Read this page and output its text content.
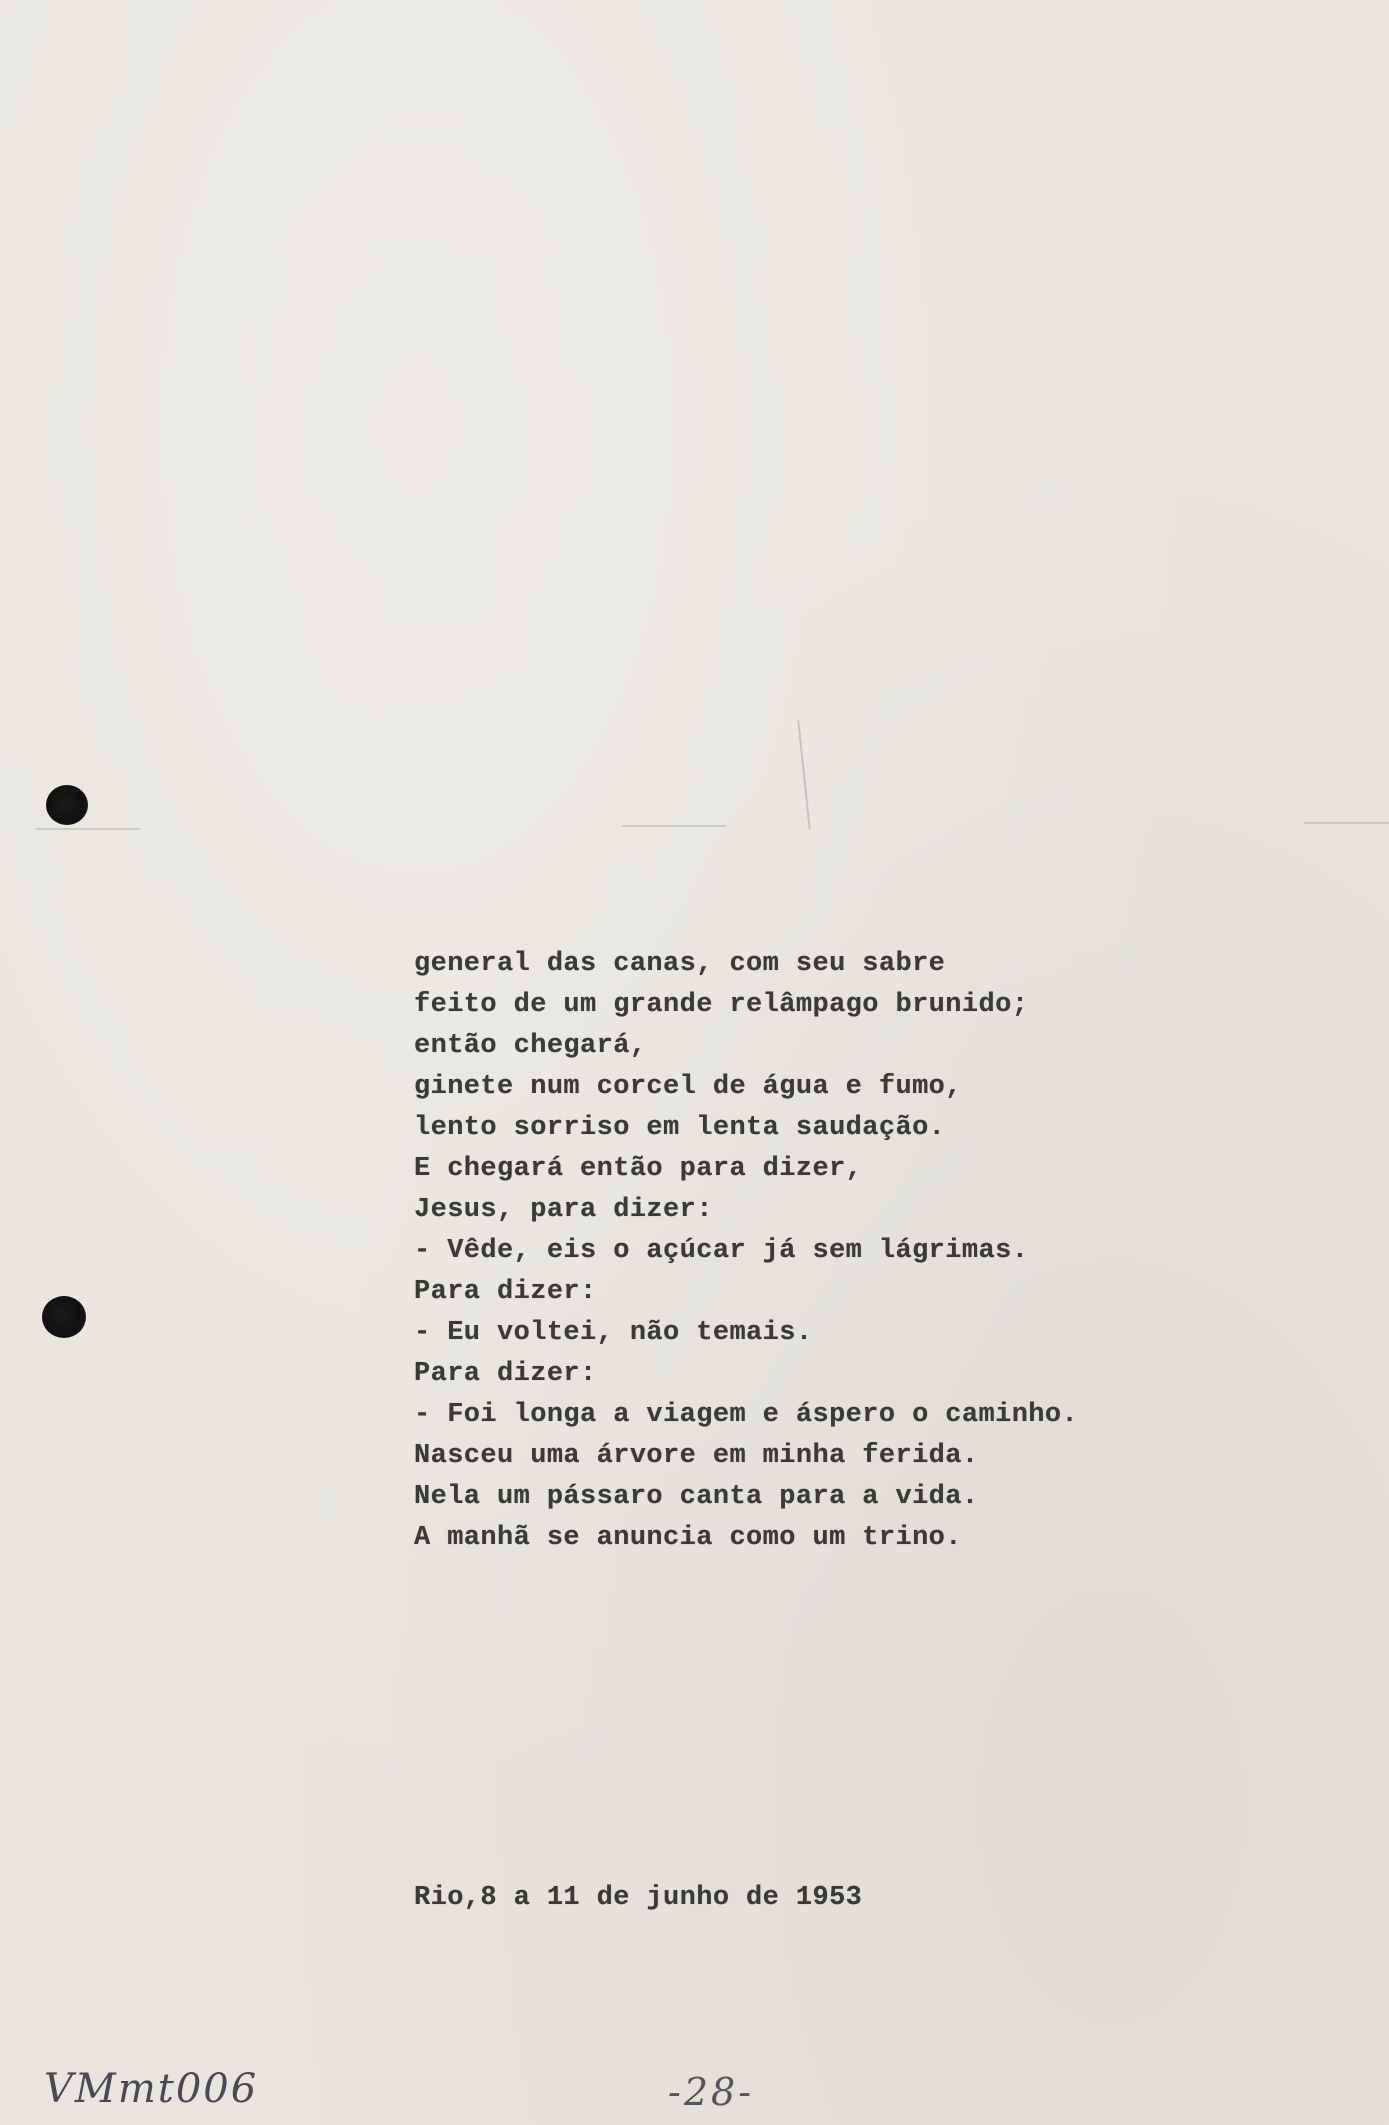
general das canas, com seu sabre
feito de um grande relâmpago brunido;
então chegará,
ginete num corcel de água e fumo,
lento sorriso em lenta saudação.
E chegará então para dizer,
Jesus, para dizer:
- Vêde, eis o açúcar já sem lágrimas.
Para dizer:
- Eu voltei, não temais.
Para dizer:
- Foi longa a viagem e áspero o caminho.
Nasceu uma árvore em minha ferida.
Nela um pássaro canta para a vida.
A manhã se anuncia como um trino.
Rio,8 a 11 de junho de 1953
VMmt006	-28-
